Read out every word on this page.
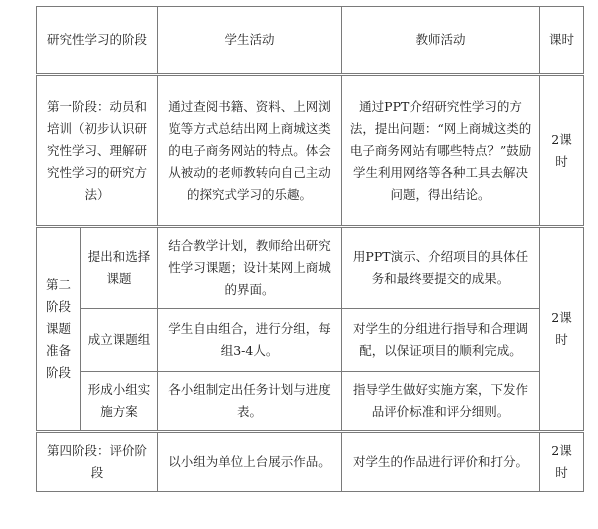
研究性学习的阶段		学生活动	教师活动	课时
第一阶段：动员和培训（初步认识研究性学习、理解研究性学习的研究方法）		通过查阅书籍、资料、上网浏览等方式总结出网上商城这类的电子商务网站的特点。体会从被动的老师教转向自己主动的探究式学习的乐趣。	通过PPT介绍研究性学习的方法，提出问题：“网上商城这类的电子商务网站有哪些特点？”鼓励学生利用网络等各种工具去解决问题，得出结论。	2课时
第二阶段课题准备阶段	提出和选择课题	结合教学计划，教师给出研究性学习课题；设计某网上商城的界面。	用PPT演示、介绍项目的具体任务和最终要提交的成果。	2课时
	成立课题组	学生自由组合，进行分组，每组3-4人。	对学生的分组进行指导和合理调配，以保证项目的顺利完成。	
	形成小组实施方案	各小组制定出任务计划与进度表。	指导学生做好实施方案，下发作品评价标准和评分细则。	
第四阶段：评价阶段		以小组为单位上台展示作品。	对学生的作品进行评价和打分。	2课时
